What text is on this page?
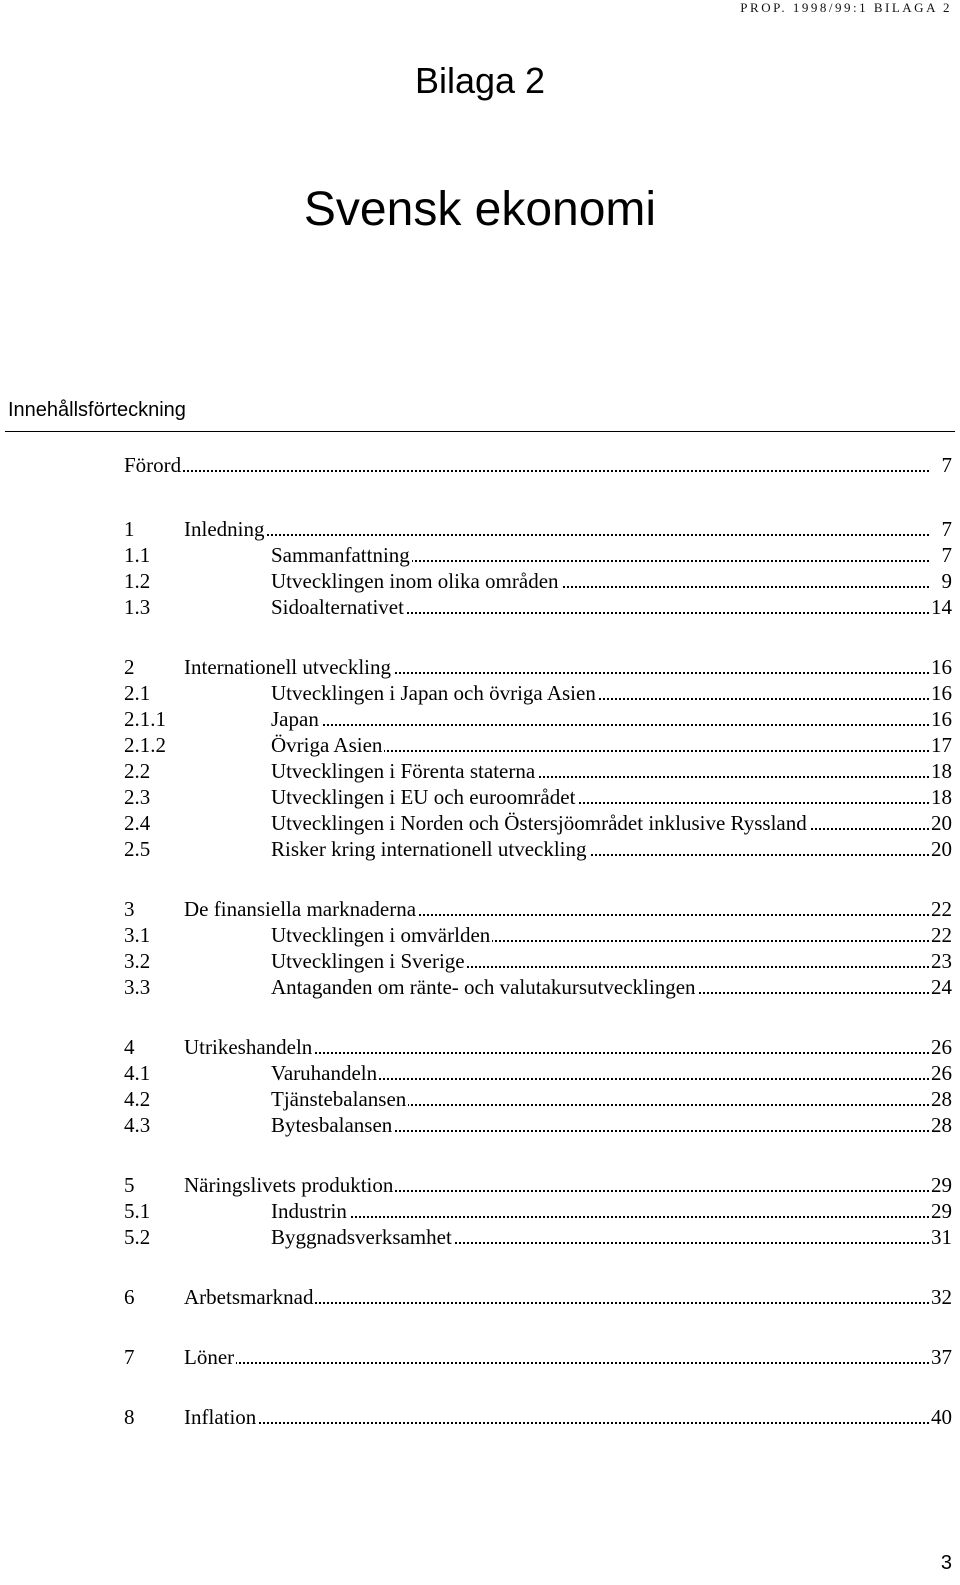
PROP. 1998/99:1 BILAGA 2
Bilaga 2
Svensk ekonomi
Innehållsförteckning
Förord	7
1 Inledning	7
1.1	Sammanfattning	7
1.2	Utvecklingen inom olika områden	9
1.3	Sidoalternativet	14
2 Internationell utveckling	16
2.1	Utvecklingen i Japan och övriga Asien	16
2.1.1	Japan	16
2.1.2	Övriga Asien	17
2.2	Utvecklingen i Förenta staterna	18
2.3	Utvecklingen i EU och euroområdet	18
2.4	Utvecklingen i Norden och Östersjöområdet inklusive Ryssland	20
2.5	Risker kring internationell utveckling	20
3 De finansiella marknaderna	22
3.1	Utvecklingen i omvärlden	22
3.2	Utvecklingen i Sverige	23
3.3	Antaganden om ränte- och valutakursutvecklingen	24
4 Utrikeshandeln	26
4.1	Varuhandeln	26
4.2	Tjänstebalansen	28
4.3	Bytesbalansen	28
5 Näringslivets produktion	29
5.1	Industrin	29
5.2	Byggnadsverksamhet	31
6 Arbetsmarknad	32
7 Löner	37
8 Inflation	40
3
